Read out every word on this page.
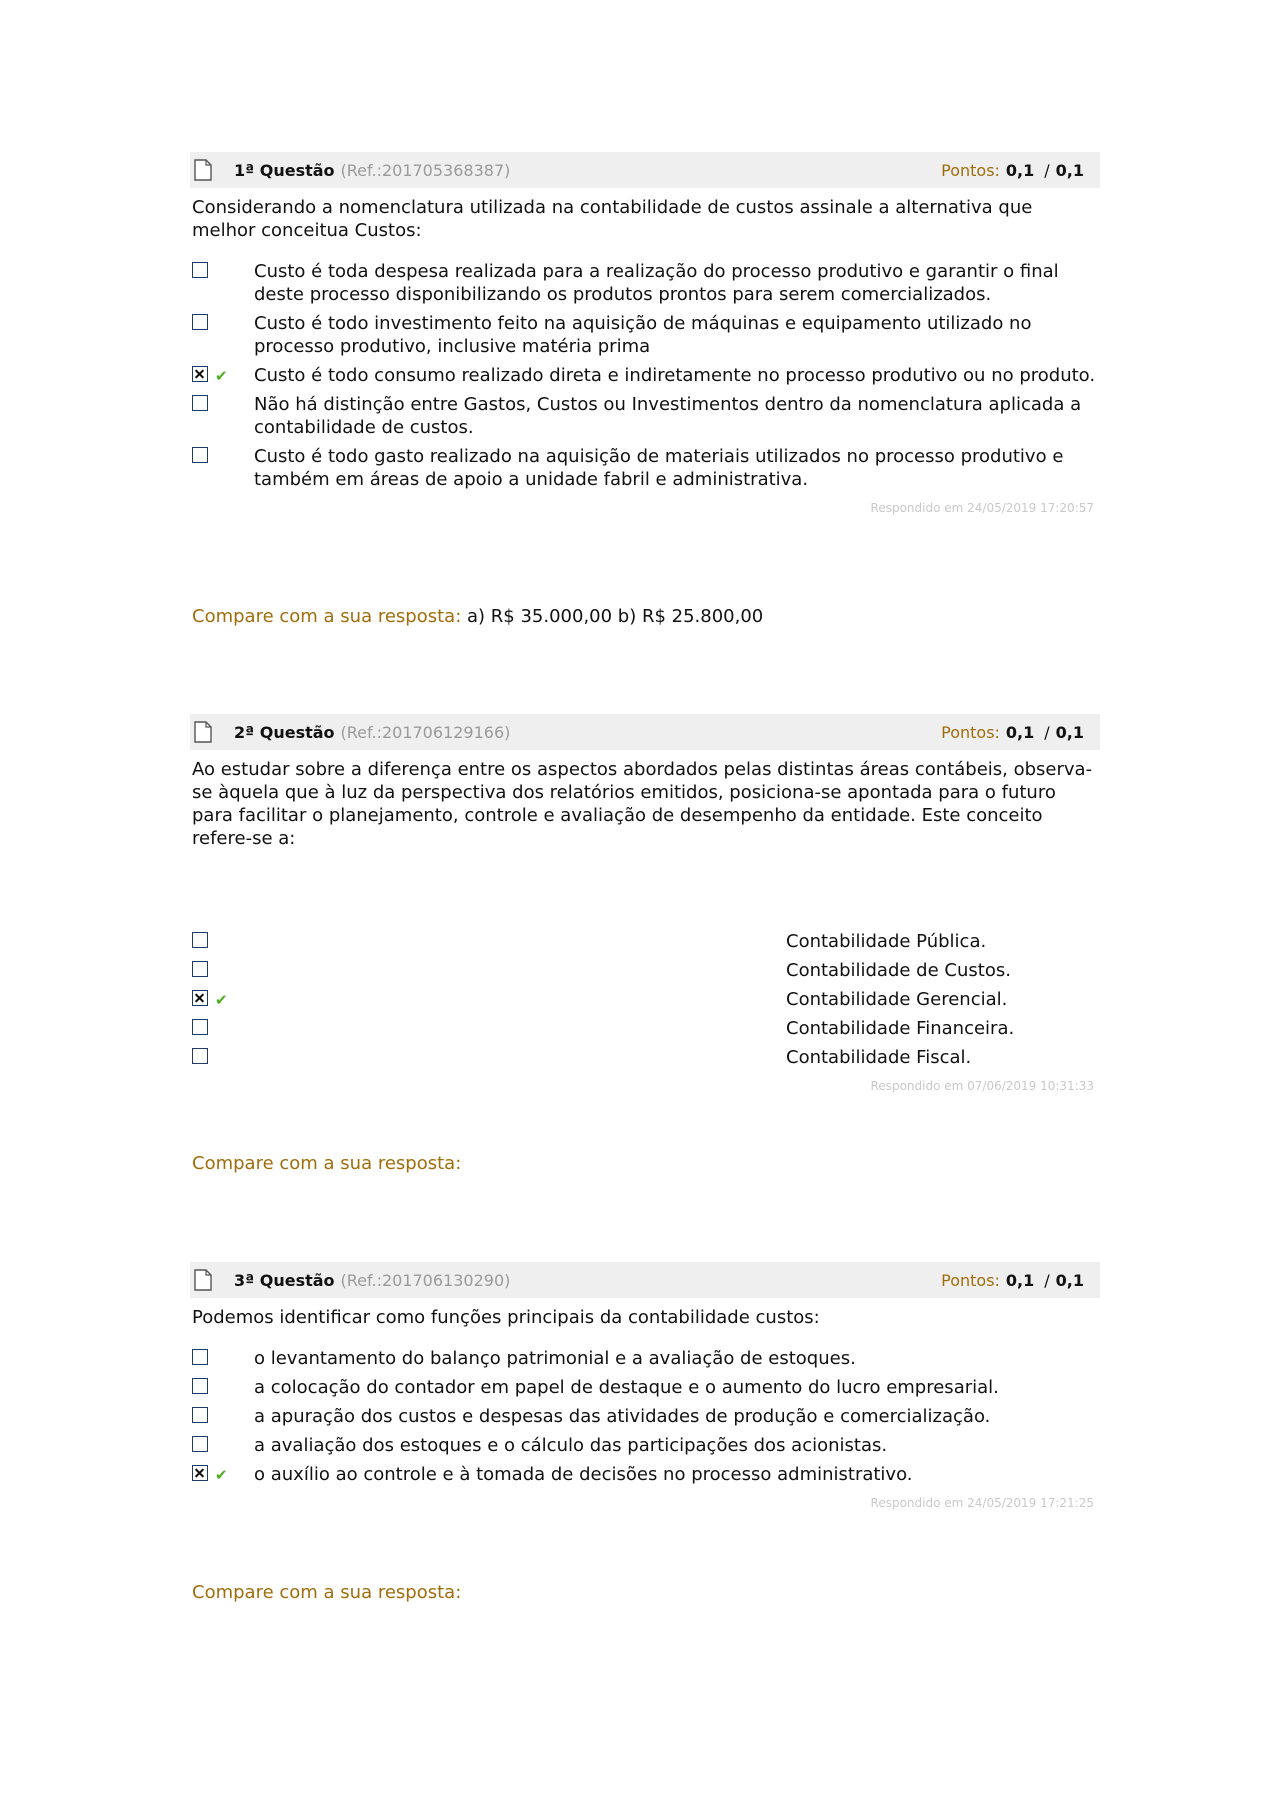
1ª Questão (Ref.:201705368387)	Pontos: 0,1 / 0,1
Considerando a nomenclatura utilizada na contabilidade de custos assinale a alternativa que melhor conceitua Custos:
Custo é toda despesa realizada para a realização do processo produtivo e garantir o final deste processo disponibilizando os produtos prontos para serem comercializados.
Custo é todo investimento feito na aquisição de máquinas e equipamento utilizado no processo produtivo, inclusive matéria prima
✔ Custo é todo consumo realizado direta e indiretamente no processo produtivo ou no produto.
Não há distinção entre Gastos, Custos ou Investimentos dentro da nomenclatura aplicada a contabilidade de custos.
Custo é todo gasto realizado na aquisição de materiais utilizados no processo produtivo e também em áreas de apoio a unidade fabril e administrativa.
Respondido em 24/05/2019 17:20:57
Compare com a sua resposta: a) R$ 35.000,00 b) R$ 25.800,00
2ª Questão (Ref.:201706129166)	Pontos: 0,1 / 0,1
Ao estudar sobre a diferença entre os aspectos abordados pelas distintas áreas contábeis, observa-se àquela que à luz da perspectiva dos relatórios emitidos, posiciona-se apontada para o futuro para facilitar o planejamento, controle e avaliação de desempenho da entidade. Este conceito refere-se a:
Contabilidade Pública.
Contabilidade de Custos.
✔	Contabilidade Gerencial.
Contabilidade Financeira.
Contabilidade Fiscal.
Respondido em 07/06/2019 10:31:33
Compare com a sua resposta:
3ª Questão (Ref.:201706130290)	Pontos: 0,1 / 0,1
Podemos identificar como funções principais da contabilidade custos:
o levantamento do balanço patrimonial e a avaliação de estoques.
a colocação do contador em papel de destaque e o aumento do lucro empresarial.
a apuração dos custos e despesas das atividades de produção e comercialização.
a avaliação dos estoques e o cálculo das participações dos acionistas.
✔ o auxílio ao controle e à tomada de decisões no processo administrativo.
Respondido em 24/05/2019 17:21:25
Compare com a sua resposta:
